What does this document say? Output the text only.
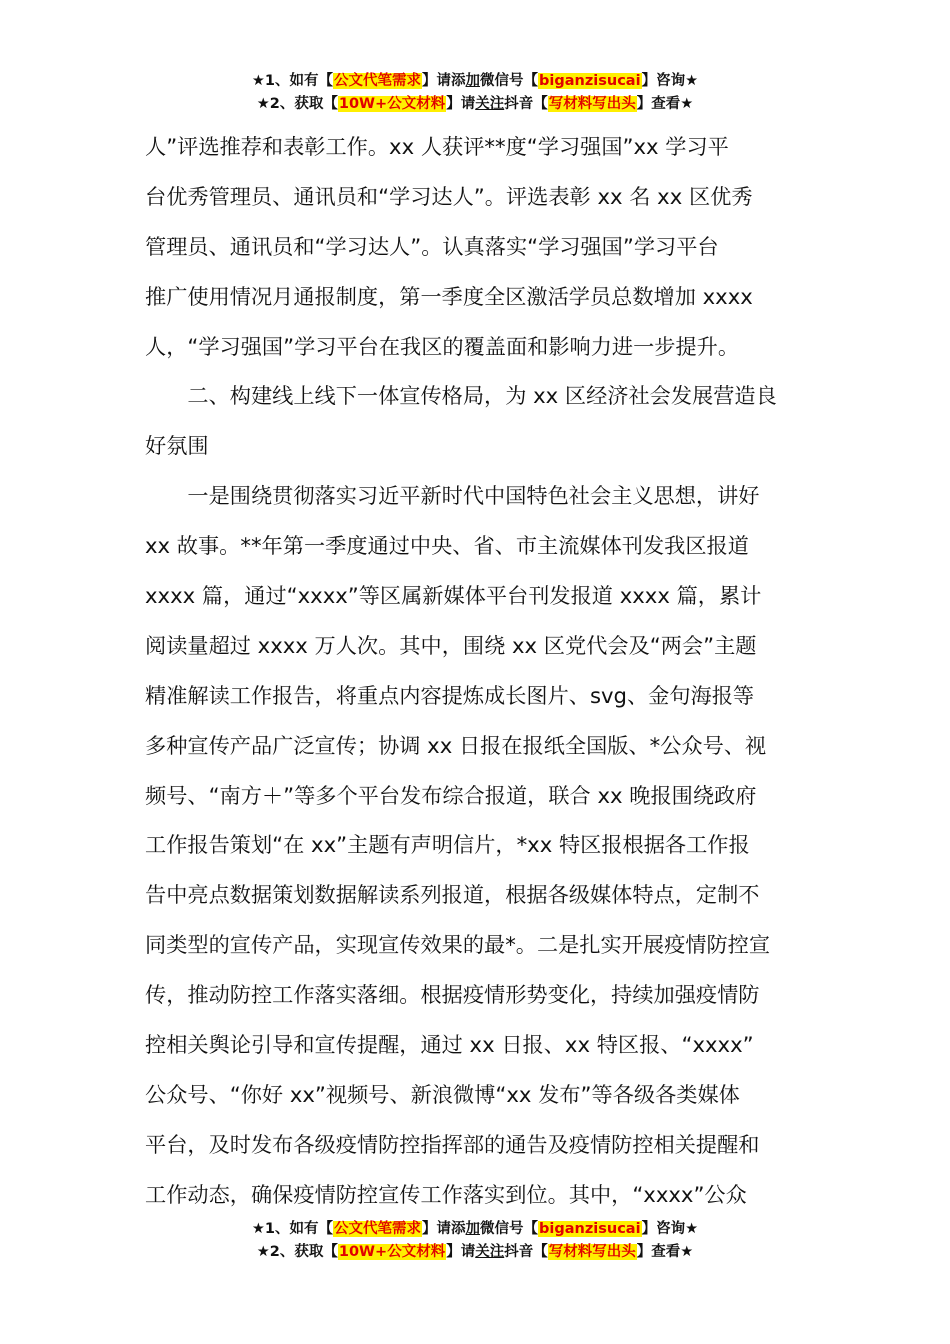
★1、如有【公文代笔需求】请添加微信号【biganzisucai】咨询★
★2、获取【10W+公文材料】请关注抖音【写材料写出头】查看★
人”评选推荐和表彰工作。xx 人获评**度“学习强国”xx 学习平
台优秀管理员、通讯员和“学习达人”。评选表彰 xx 名 xx 区优秀
管理员、通讯员和“学习达人”。认真落实“学习强国”学习平台
推广使用情况月通报制度，第一季度全区激活学员总数增加 xxxx
人，“学习强国”学习平台在我区的覆盖面和影响力进一步提升。
　　二、构建线上线下一体宣传格局，为 xx 区经济社会发展营造良
好氛围
　　一是围绕贯彻落实习近平新时代中国特色社会主义思想，讲好
xx 故事。**年第一季度通过中央、省、市主流媒体刊发我区报道
xxxx 篇，通过“xxxx”等区属新媒体平台刊发报道 xxxx 篇，累计
阅读量超过 xxxx 万人次。其中，围绕 xx 区党代会及“两会”主题
精准解读工作报告，将重点内容提炼成长图片、svg、金句海报等
多种宣传产品广泛宣传；协调 xx 日报在报纸全国版、*公众号、视
频号、“南方＋”等多个平台发布综合报道，联合 xx 晚报围绕政府
工作报告策划“在 xx”主题有声明信片，*xx 特区报根据各工作报
告中亮点数据策划数据解读系列报道，根据各级媒体特点，定制不
同类型的宣传产品，实现宣传效果的最*。二是扎实开展疫情防控宣
传，推动防控工作落实落细。根据疫情形势变化，持续加强疫情防
控相关舆论引导和宣传提醒，通过 xx 日报、xx 特区报、“xxxx”
公众号、“你好 xx”视频号、新浪微博“xx 发布”等各级各类媒体
平台，及时发布各级疫情防控指挥部的通告及疫情防控相关提醒和
工作动态，确保疫情防控宣传工作落实到位。其中，“xxxx”公众
★1、如有【公文代笔需求】请添加微信号【biganzisucai】咨询★
★2、获取【10W+公文材料】请关注抖音【写材料写出头】查看★
